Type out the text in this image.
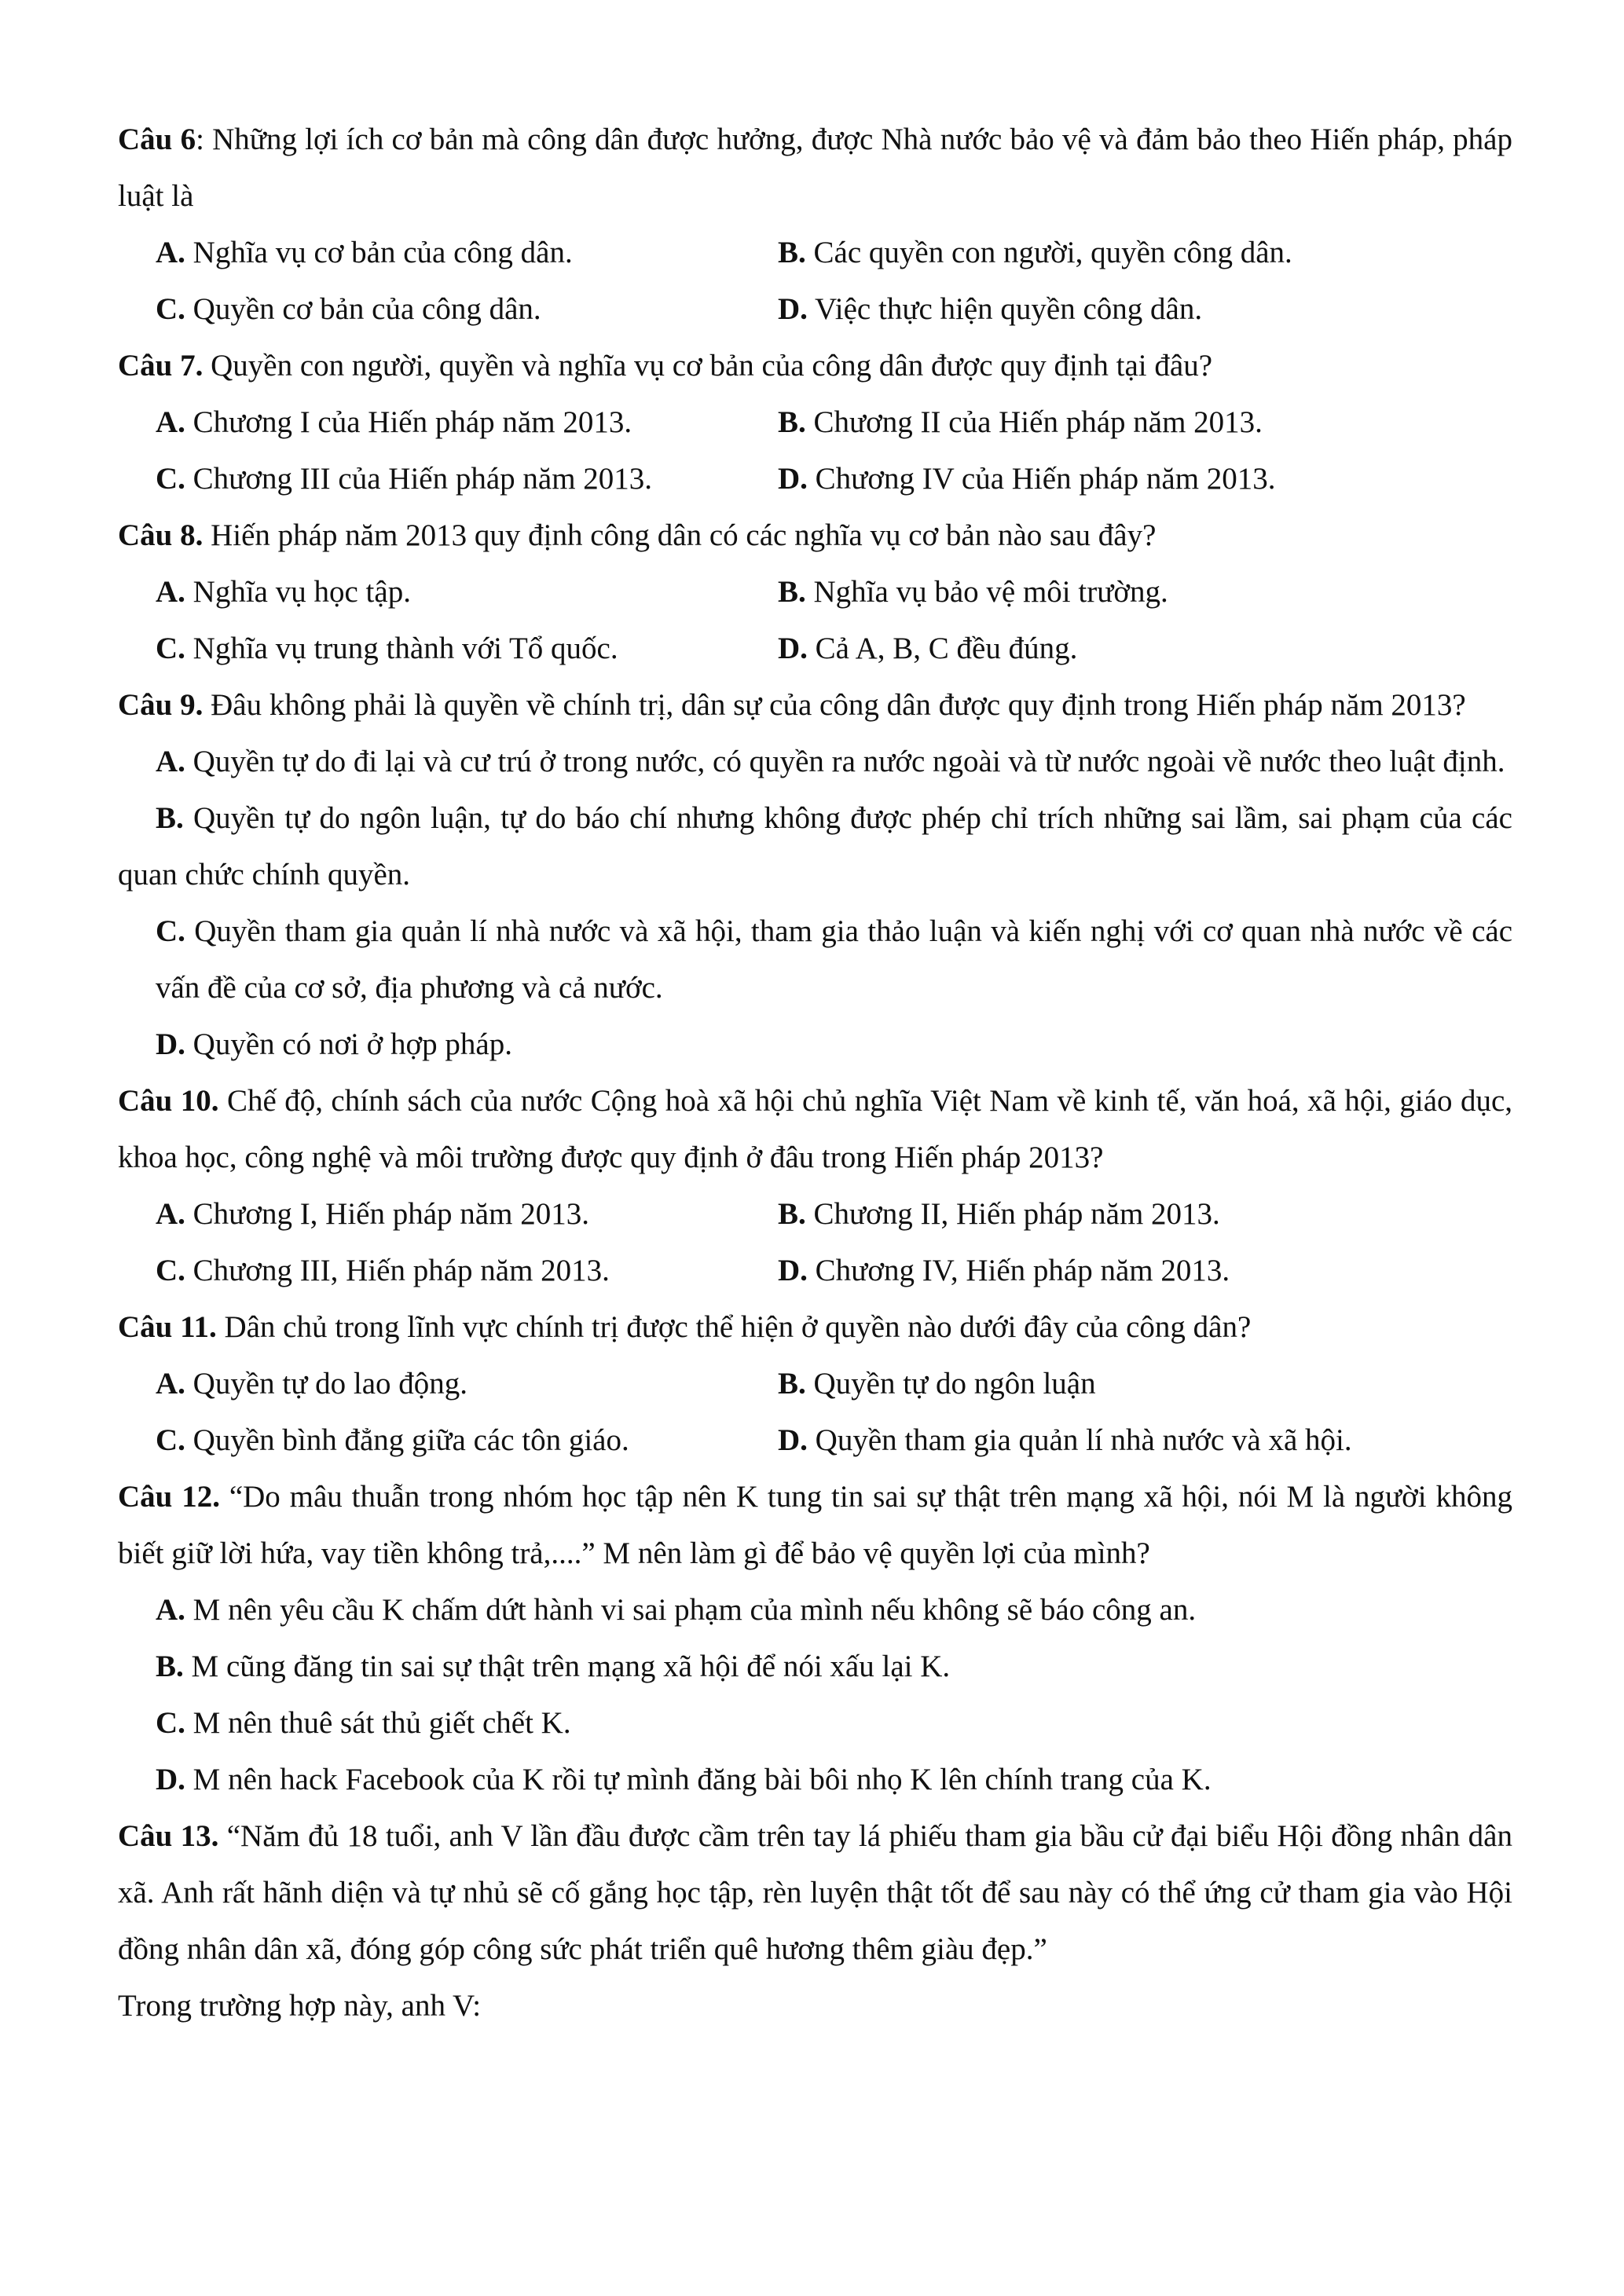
Câu 6: Những lợi ích cơ bản mà công dân được hưởng, được Nhà nước bảo vệ và đảm bảo theo Hiến pháp, pháp luật là

A. Nghĩa vụ cơ bản của công dân.	B. Các quyền con người, quyền công dân.
C. Quyền cơ bản của công dân.	D. Việc thực hiện quyền công dân.

Câu 7. Quyền con người, quyền và nghĩa vụ cơ bản của công dân được quy định tại đâu?

A. Chương I của Hiến pháp năm 2013.	B. Chương II của Hiến pháp năm 2013.
C. Chương III của Hiến pháp năm 2013.	D. Chương IV của Hiến pháp năm 2013.

Câu 8. Hiến pháp năm 2013 quy định công dân có các nghĩa vụ cơ bản nào sau đây?

A. Nghĩa vụ học tập.	B. Nghĩa vụ bảo vệ môi trường.
C. Nghĩa vụ trung thành với Tổ quốc.	D. Cả A, B, C đều đúng.

Câu 9. Đâu không phải là quyền về chính trị, dân sự của công dân được quy định trong Hiến pháp năm 2013?

A. Quyền tự do đi lại và cư trú ở trong nước, có quyền ra nước ngoài và từ nước ngoài về nước theo luật định.

B. Quyền tự do ngôn luận, tự do báo chí nhưng không được phép chỉ trích những sai lầm, sai phạm của các quan chức chính quyền.

C. Quyền tham gia quản lí nhà nước và xã hội, tham gia thảo luận và kiến nghị với cơ quan nhà nước về các vấn đề của cơ sở, địa phương và cả nước.

D. Quyền có nơi ở hợp pháp.

Câu 10. Chế độ, chính sách của nước Cộng hoà xã hội chủ nghĩa Việt Nam về kinh tế, văn hoá, xã hội, giáo dục, khoa học, công nghệ và môi trường được quy định ở đâu trong Hiến pháp 2013?

A. Chương I, Hiến pháp năm 2013.	B. Chương II, Hiến pháp năm 2013.
C. Chương III, Hiến pháp năm 2013.	D. Chương IV, Hiến pháp năm 2013.

Câu 11. Dân chủ trong lĩnh vực chính trị được thể hiện ở quyền nào dưới đây của công dân?

A. Quyền tự do lao động.	B. Quyền tự do ngôn luận
C. Quyền bình đẳng giữa các tôn giáo.	D. Quyền tham gia quản lí nhà nước và xã hội.

Câu 12. “Do mâu thuẫn trong nhóm học tập nên K tung tin sai sự thật trên mạng xã hội, nói M là người không biết giữ lời hứa, vay tiền không trả,....” M nên làm gì để bảo vệ quyền lợi của mình?

A. M nên yêu cầu K chấm dứt hành vi sai phạm của mình nếu không sẽ báo công an.

B. M cũng đăng tin sai sự thật trên mạng xã hội để nói xấu lại K.

C. M nên thuê sát thủ giết chết K.

D. M nên hack Facebook của K rồi tự mình đăng bài bôi nhọ K lên chính trang của K.

Câu 13. “Năm đủ 18 tuổi, anh V lần đầu được cầm trên tay lá phiếu tham gia bầu cử đại biểu Hội đồng nhân dân xã. Anh rất hãnh diện và tự nhủ sẽ cố gắng học tập, rèn luyện thật tốt để sau này có thể ứng cử tham gia vào Hội đồng nhân dân xã, đóng góp công sức phát triển quê hương thêm giàu đẹp.”

Trong trường hợp này, anh V:
